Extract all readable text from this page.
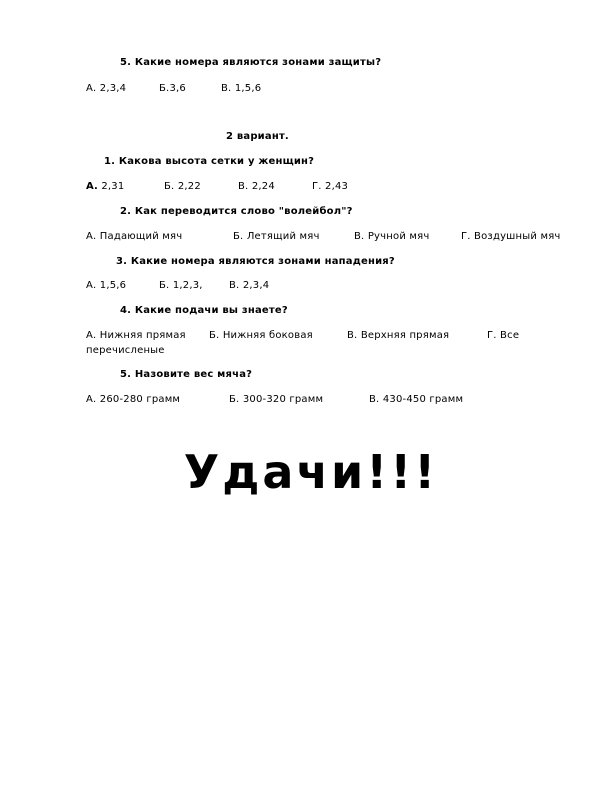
5. Какие номера являются зонами защиты?
А. 2,3,4	Б.3,6	В. 1,5,6
2 вариант.
1. Какова высота сетки у женщин?
А. 2,31	Б. 2,22	В. 2,24	Г. 2,43
2. Как переводится слово "волейбол"?
А. Падающий мяч	Б. Летящий мяч	В. Ручной мяч	Г. Воздушный мяч
3. Какие номера являются зонами нападения?
А. 1,5,6	Б. 1,2,3,	В. 2,3,4
4. Какие подачи вы знаете?
А. Нижняя прямая Б. Нижняя боковая	В. Верхняя прямая	Г. Все
перечисленые
5. Назовите вес мяча?
А. 260-280 грамм	Б. 300-320 грамм	В. 430-450 грамм
Удачи!!!
